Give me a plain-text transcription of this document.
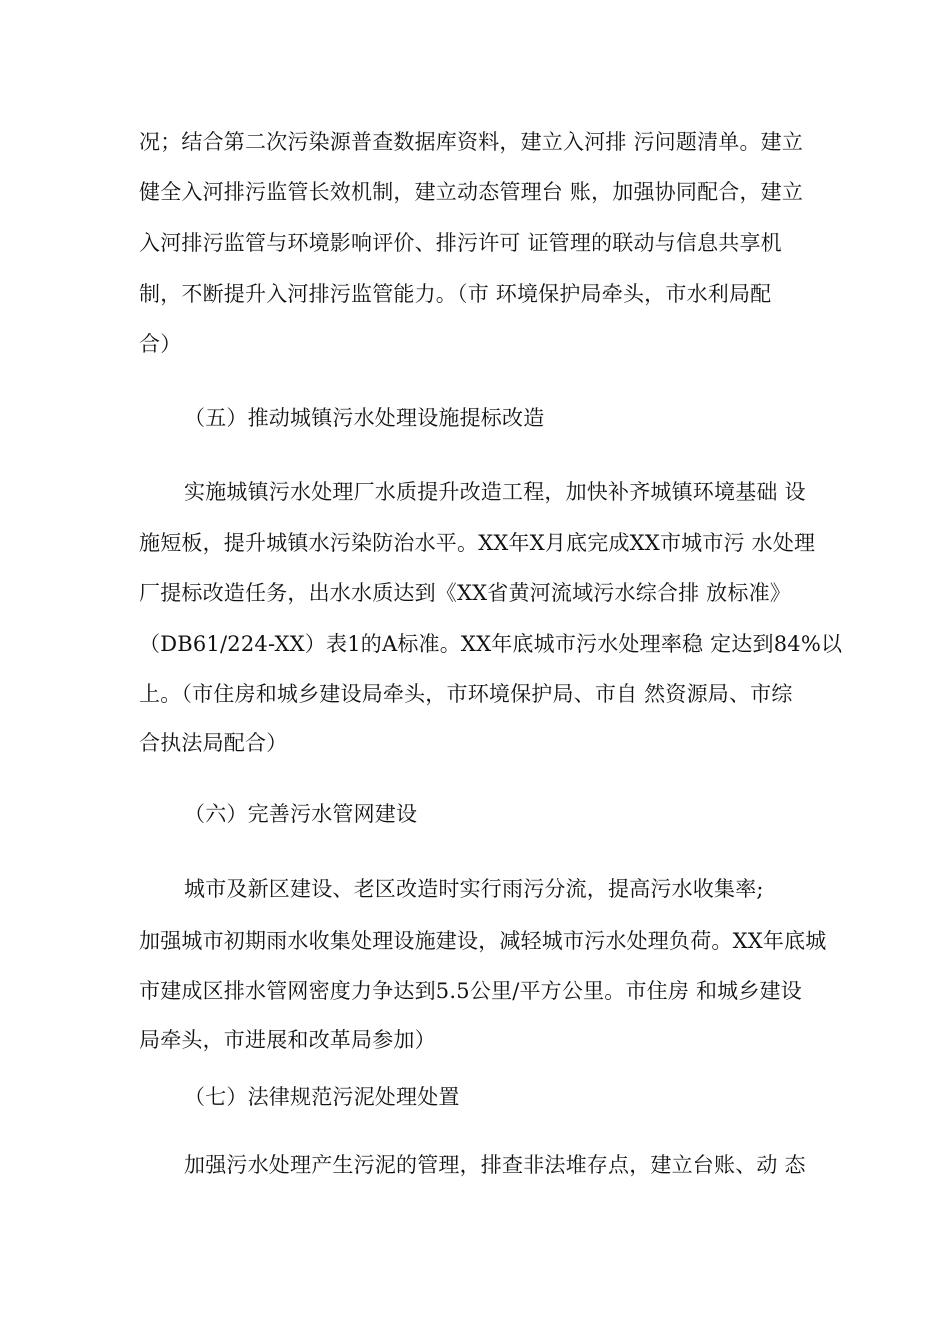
况；结合第二次污染源普查数据库资料，建立入河排 污问题清单。建立
健全入河排污监管长效机制，建立动态管理台 账，加强协同配合，建立
入河排污监管与环境影响评价、排污许可 证管理的联动与信息共享机
制，不断提升入河排污监管能力。（市 环境保护局牵头，市水利局配
合）
（五）推动城镇污水处理设施提标改造
实施城镇污水处理厂水质提升改造工程，加快补齐城镇环境基础 设
施短板，提升城镇水污染防治水平。XX年X月底完成XX市城市污 水处理
厂提标改造任务，出水水质达到《XX省黄河流域污水综合排 放标准》
（DB61/224-XX）表1的A标准。XX年底城市污水处理率稳 定达到84%以
上。（市住房和城乡建设局牵头，市环境保护局、市自 然资源局、市综
合执法局配合）
（六）完善污水管网建设
城市及新区建设、老区改造时实行雨污分流，提高污水收集率;
加强城市初期雨水收集处理设施建设，减轻城市污水处理负荷。XX年底城
市建成区排水管网密度力争达到5.5公里/平方公里。市住房 和城乡建设
局牵头，市进展和改革局参加）
（七）法律规范污泥处理处置
加强污水处理产生污泥的管理，排查非法堆存点，建立台账、动 态
